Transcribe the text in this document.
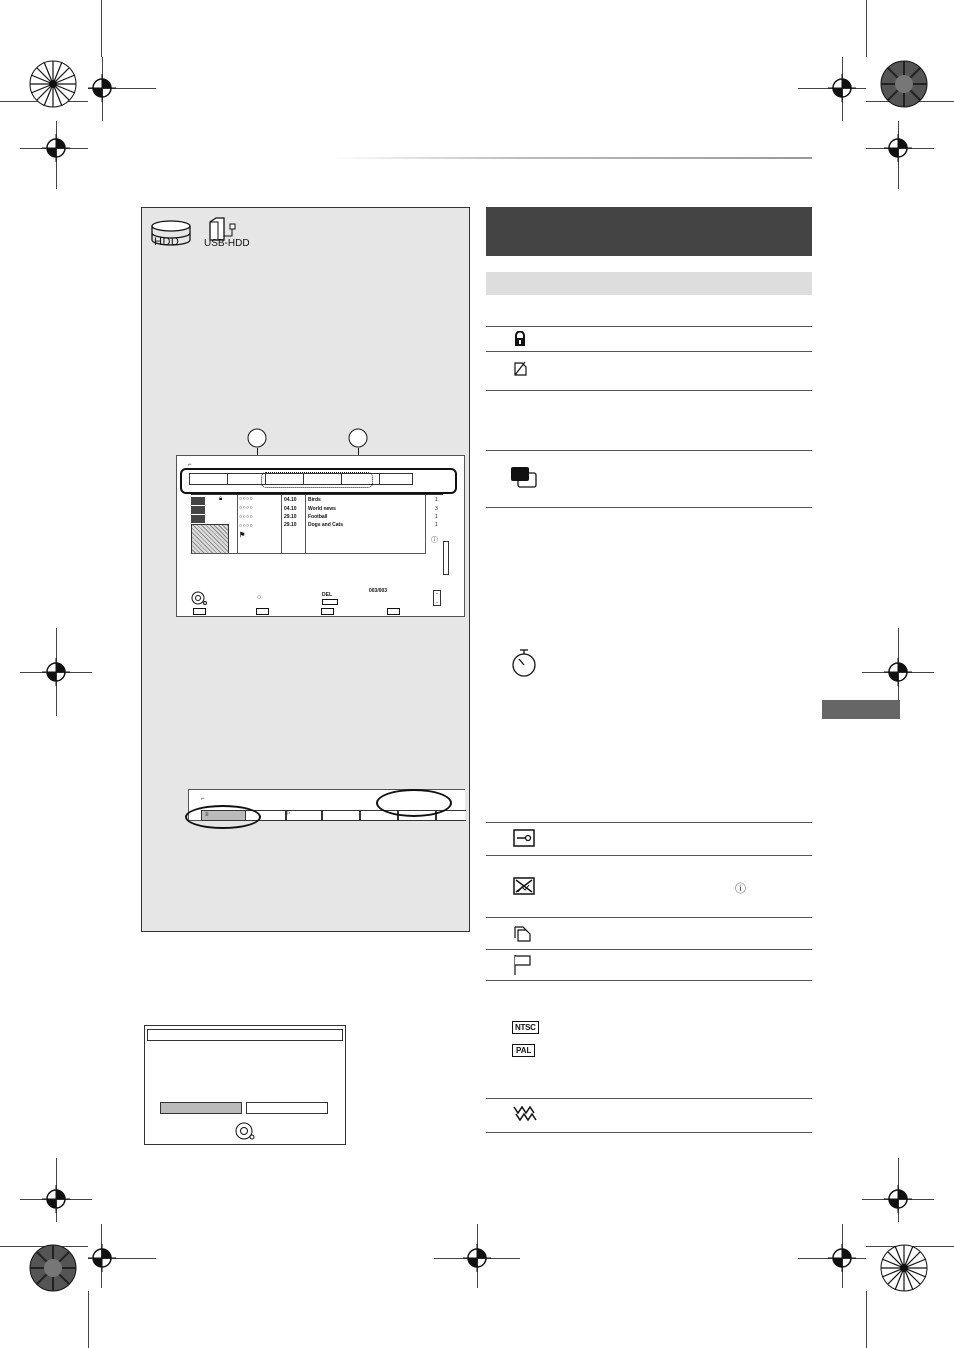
HDD USB-HDD
⌐
🔒︎	○○○○
○○○○
○○○○
○○○○
04.10 Birds	1
04.10 World news	3
29.10 Football	1
29.10 Dogs and Cats	1
⚑
ⓘ
○	DEL
003/003
⌃
⌄
⌐
≡	⚐
ⓘ
NTSC
PAL
